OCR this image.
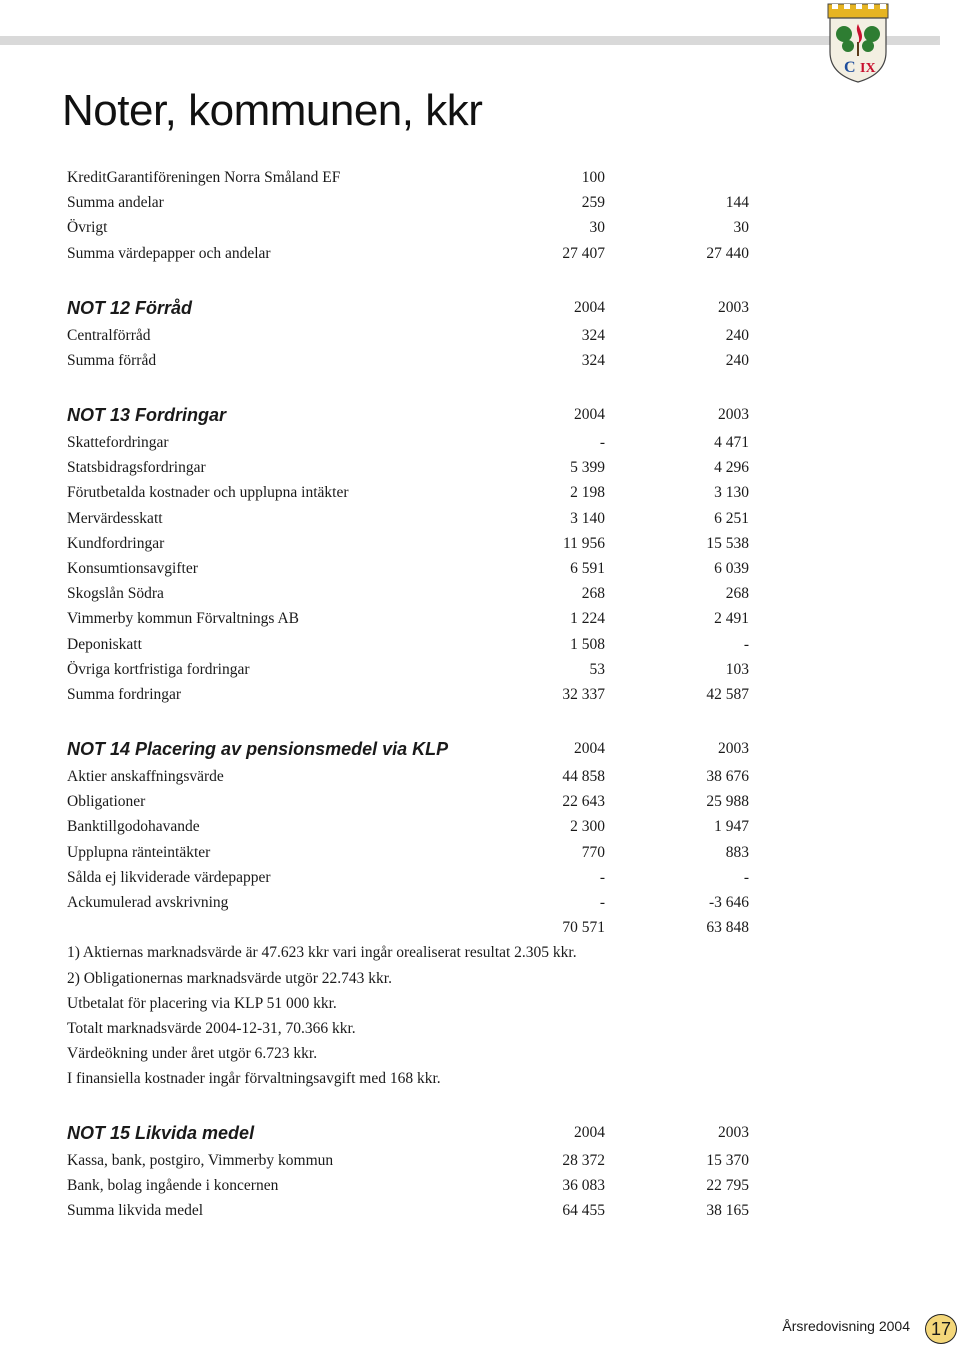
C IX
Noter, kommunen, kkr
KreditGarantiföreningen Norra Småland EF	100
Summa andelar	259	144
Övrigt	30	30
Summa värdepapper och andelar	27 407	27 440
NOT 12 Förråd	2004	2003
Centralförråd	324	240
Summa förråd	324	240
NOT 13 Fordringar	2004	2003
Skattefordringar	-	4 471
Statsbidragsfordringar	5 399	4 296
Förutbetalda kostnader och upplupna intäkter	2 198	3 130
Mervärdesskatt	3 140	6 251
Kundfordringar	11 956	15 538
Konsumtionsavgifter	6 591	6 039
Skogslån Södra	268	268
Vimmerby kommun Förvaltnings AB	1 224	2 491
Deponiskatt	1 508	-
Övriga kortfristiga fordringar	53	103
Summa fordringar	32 337	42 587
NOT 14 Placering av pensionsmedel via KLP	2004	2003
Aktier anskaffningsvärde	44 858	38 676
Obligationer	22 643	25 988
Banktillgodohavande	2 300	1 947
Upplupna ränteintäkter	770	883
Sålda ej likviderade värdepapper	-	-
Ackumulerad avskrivning	-	-3 646
70 571	63 848
1) Aktiernas marknadsvärde är 47.623 kkr vari ingår orealiserat resultat 2.305 kkr.
2) Obligationernas marknadsvärde utgör 22.743 kkr.
Utbetalat för placering via KLP 51 000 kkr.
Totalt marknadsvärde 2004-12-31, 70.366 kkr.
Värdeökning under året utgör 6.723 kkr.
I finansiella kostnader ingår förvaltningsavgift med 168 kkr.
NOT 15 Likvida medel	2004	2003
Kassa, bank, postgiro, Vimmerby kommun	28 372	15 370
Bank, bolag ingående i koncernen	36 083	22 795
Summa likvida medel	64 455	38 165
Årsredovisning 2004	17
